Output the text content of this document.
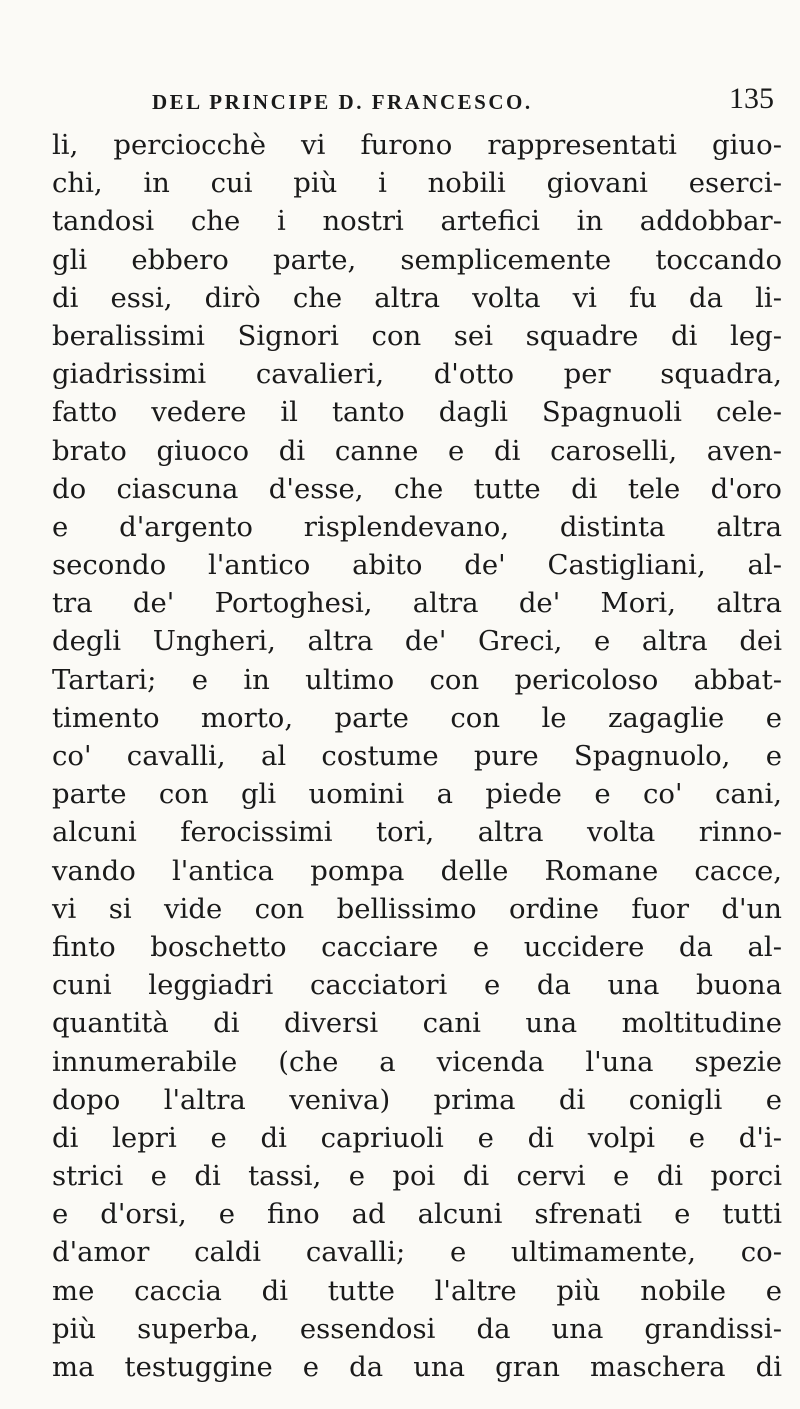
DEL PRINCIPE D. FRANCESCO.	135
li, perciocchè vi furono rappresentati giuo-
chi, in cui più i nobili giovani eserci-
tandosi che i nostri artefici in addobbar-
gli ebbero parte, semplicemente toccando
di essi, dirò che altra volta vi fu da li-
beralissimi Signori con sei squadre di leg-
giadrissimi cavalieri, d'otto per squadra,
fatto vedere il tanto dagli Spagnuoli cele-
brato giuoco di canne e di caroselli, aven-
do ciascuna d'esse, che tutte di tele d'oro
e d'argento risplendevano, distinta altra
secondo l'antico abito de' Castigliani, al-
tra de' Portoghesi, altra de' Mori, altra
degli Ungheri, altra de' Greci, e altra dei
Tartari; e in ultimo con pericoloso abbat-
timento morto, parte con le zagaglie e
co' cavalli, al costume pure Spagnuolo, e
parte con gli uomini a piede e co' cani,
alcuni ferocissimi tori, altra volta rinno-
vando l'antica pompa delle Romane cacce,
vi si vide con bellissimo ordine fuor d'un
finto boschetto cacciare e uccidere da al-
cuni leggiadri cacciatori e da una buona
quantità di diversi cani una moltitudine
innumerabile (che a vicenda l'una spezie
dopo l'altra veniva) prima di conigli e
di lepri e di capriuoli e di volpi e d'i-
strici e di tassi, e poi di cervi e di porci
e d'orsi, e fino ad alcuni sfrenati e tutti
d'amor caldi cavalli; e ultimamente, co-
me caccia di tutte l'altre più nobile e
più superba, essendosi da una grandissi-
ma testuggine e da una gran maschera di
